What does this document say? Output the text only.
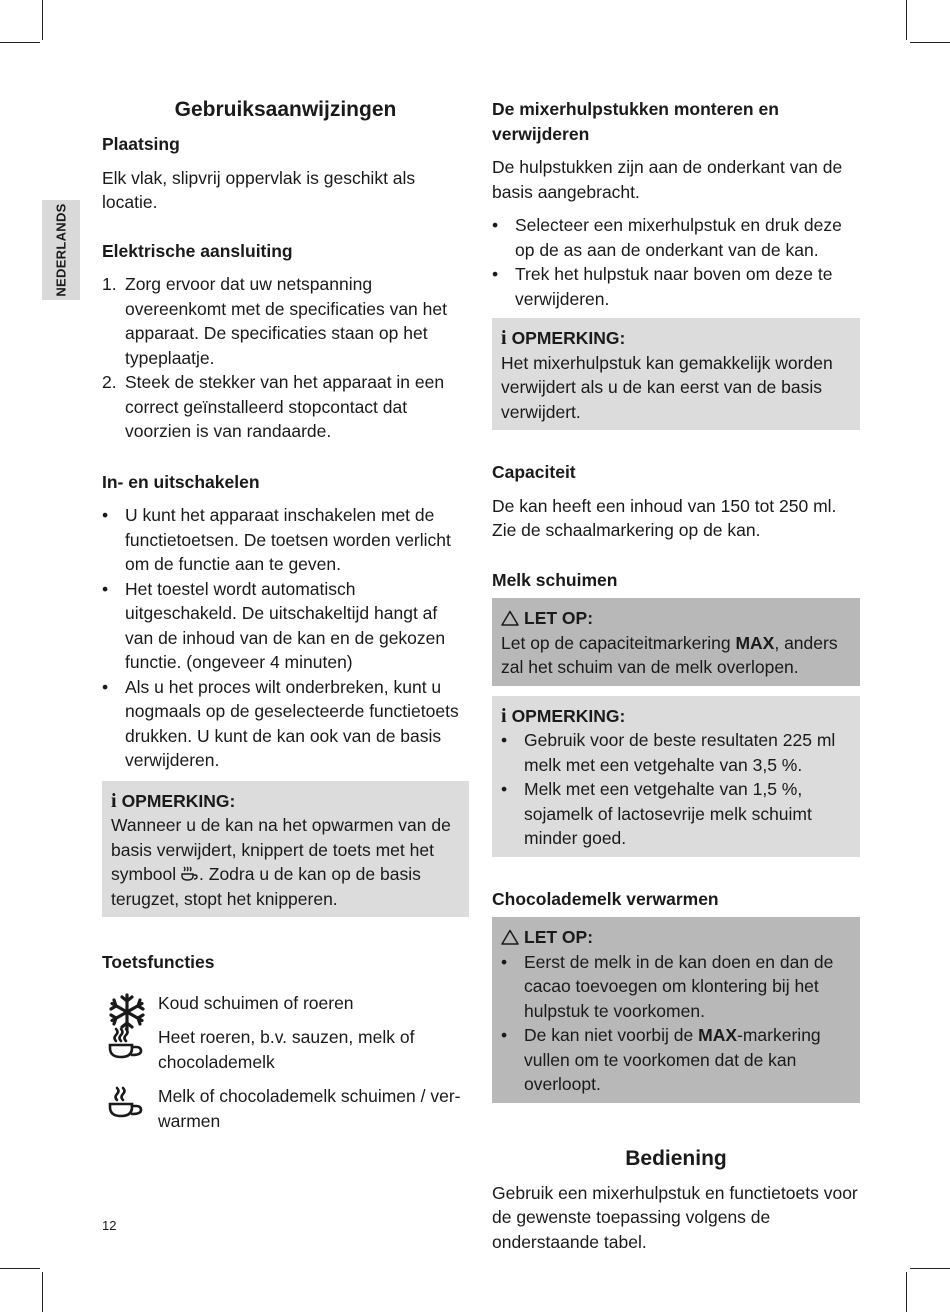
NEDERLANDS
Gebruiksaanwijzingen
Plaatsing

Elk vlak, slipvrij oppervlak is geschikt als locatie.

Elektrische aansluiting
1. Zorg ervoor dat uw netspanning overeenkomt met de specificaties van het apparaat. De specificaties staan op het typeplaatje.
2. Steek de stekker van het apparaat in een correct geïnstalleerd stopcontact dat voorzien is van randaarde.
In- en uitschakelen
• U kunt het apparaat inschakelen met de functietoetsen. De toetsen worden verlicht om de functie aan te geven.
• Het toestel wordt automatisch uitgeschakeld. De uitschakeltijd hangt af van de inhoud van de kan en de gekozen functie. (ongeveer 4 minuten)
• Als u het proces wilt onderbreken, kunt u nogmaals op de geselecteerde functietoets drukken. U kunt de kan ook van de basis verwijderen.
i OPMERKING:

Wanneer u de kan na het opwarmen van de basis verwijdert, knippert de toets met het symbool . Zodra u de kan op de basis terugzet, stopt het knipperen.

Toetsfuncties
Koud schuimen of roeren
Heet roeren, b.v. sauzen, melk of chocolademelk
Melk of chocolademelk schuimen / verwarmen
De mixerhulpstukken monteren en verwijderen

De hulpstukken zijn aan de onderkant van de basis aangebracht.

• Selecteer een mixerhulpstuk en druk deze op de as aan de onderkant van de kan.
• Trek het hulpstuk naar boven om deze te verwijderen.
i OPMERKING:

Het mixerhulpstuk kan gemakkelijk worden verwijdert als u de kan eerst van de basis verwijdert.

Capaciteit

De kan heeft een inhoud van 150 tot 250 ml. Zie de schaalmarkering op de kan.

Melk schuimen
LET OP:

Let op de capaciteitmarkering MAX, anders zal het schuim van de melk overlopen.

i OPMERKING:
• Gebruik voor de beste resultaten 225 ml melk met een vetgehalte van 3,5 %.
• Melk met een vetgehalte van 1,5 %, sojamelk of lactosevrije melk schuimt minder goed.
Chocolademelk verwarmen
LET OP:
• Eerst de melk in de kan doen en dan de cacao toevoegen om klontering bij het hulpstuk te voorkomen.
• De kan niet voorbij de MAX-markering vullen om te voorkomen dat de kan overloopt.
Bediening

Gebruik een mixerhulpstuk en functietoets voor de gewenste toepassing volgens de onderstaande tabel.

12
